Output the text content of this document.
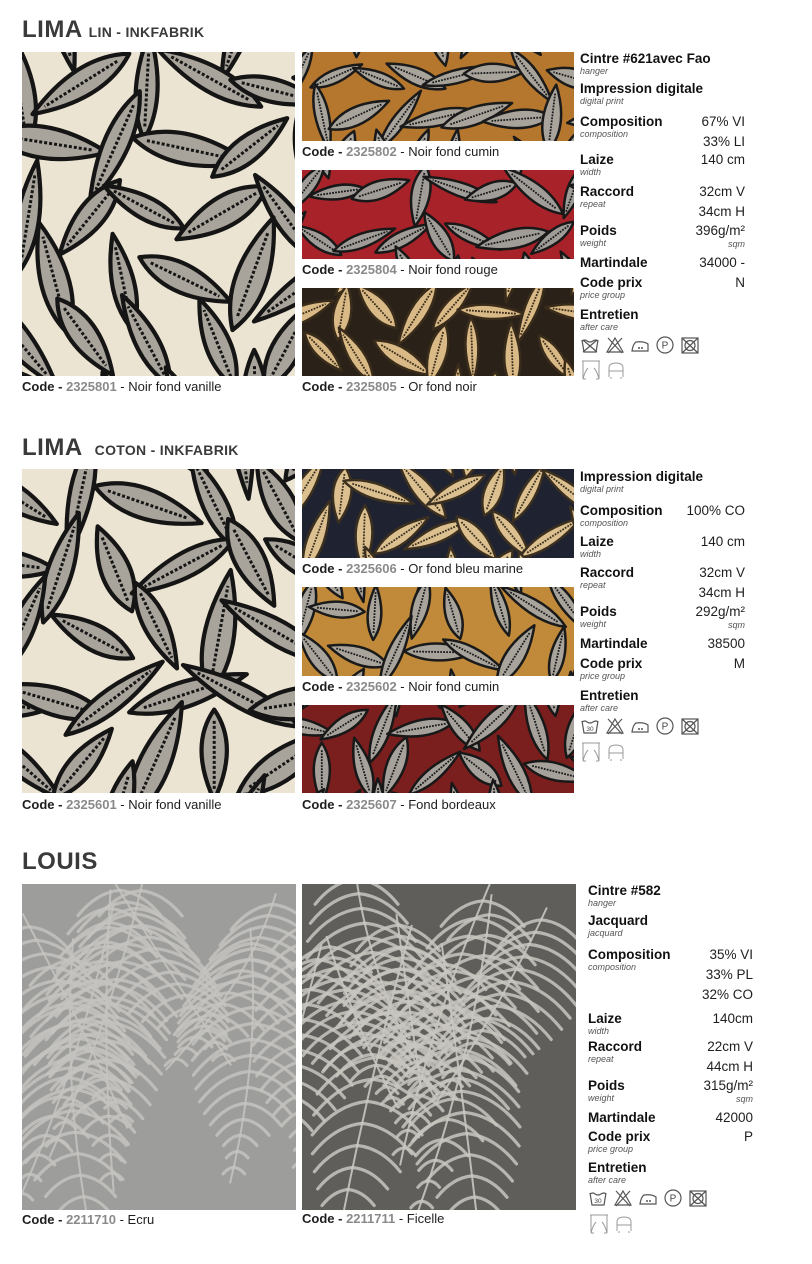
LIMA LIN - INKFABRIK
Code - 2325801 - Noir fond vanille
Code - 2325802 - Noir fond cumin
Code - 2325804 - Noir fond rouge
Code - 2325805 - Or fond noir
Cintre #621avec Fao
hanger
Impression digitale
digital print
Composition
composition
67% VI
33% LI
Laize
width
140 cm
Raccord
repeat
32cm V
34cm H
Poids
weight
396g/m²
sqm
Martindale	34000 -
Code prix
price group
N
Entretien
after care
P
LIMA COTON - INKFABRIK
Code - 2325601 - Noir fond vanille
Code - 2325606 - Or fond bleu marine
Code - 2325602 - Noir fond cumin
Code - 2325607 - Fond bordeaux
Impression digitale
digital print
Composition
composition
100% CO
Laize
width
140 cm
Raccord
repeat
32cm V
34cm H
Poids
weight
292g/m²
sqm
Martindale	38500
Code prix
price group
M
Entretien
after care
30	P
LOUIS
Code - 2211710 - Ecru	Code - 2211711 - Ficelle
Cintre #582
hanger
Jacquard
jacquard
Composition
composition
35% VI
33% PL
32% CO
Laize
width
140cm
Raccord
repeat
22cm V
44cm H
Poids
weight
315g/m²
sqm
Martindale	42000
Code prix
price group
P
Entretien
after care
30	P
